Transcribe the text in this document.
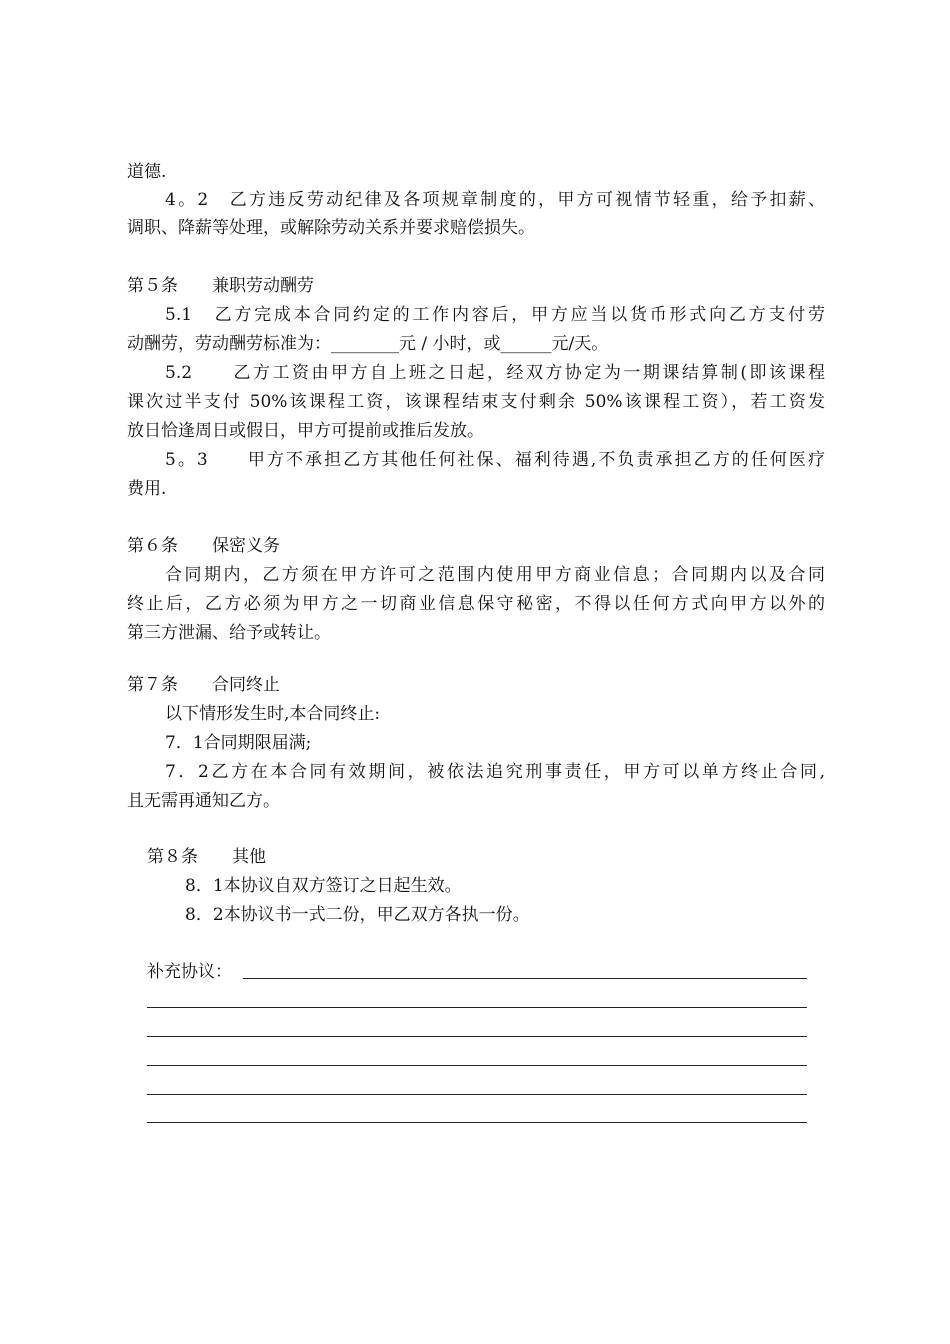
道德.
4。2　乙方违反劳动纪律及各项规章制度的，甲方可视情节轻重，给予扣薪、
调职、降薪等处理，或解除劳动关系并要求赔偿损失。
第５条　　兼职劳动酬劳
5.1　乙方完成本合同约定的工作内容后，甲方应当以货币形式向乙方支付劳
动酬劳，劳动酬劳标准为：________元 / 小时，或______元/天。
5.2　　乙方工资由甲方自上班之日起，经双方协定为一期课结算制(即该课程
课次过半支付 50%该课程工资，该课程结束支付剩余 50%该课程工资），若工资发
放日恰逢周日或假日，甲方可提前或推后发放。
5。3　　甲方不承担乙方其他任何社保、福利待遇,不负责承担乙方的任何医疗
费用.
第６条　　保密义务
合同期内，乙方须在甲方许可之范围内使用甲方商业信息；合同期内以及合同
终止后，乙方必须为甲方之一切商业信息保守秘密，不得以任何方式向甲方以外的
第三方泄漏、给予或转让。
第７条　　合同终止
以下情形发生时,本合同终止:
7．1合同期限届满;
7．2乙方在本合同有效期间，被依法追究刑事责任，甲方可以单方终止合同,
且无需再通知乙方。
第８条　　其他
8．1本协议自双方签订之日起生效。
8．2本协议书一式二份，甲乙双方各执一份。
补充协议：
